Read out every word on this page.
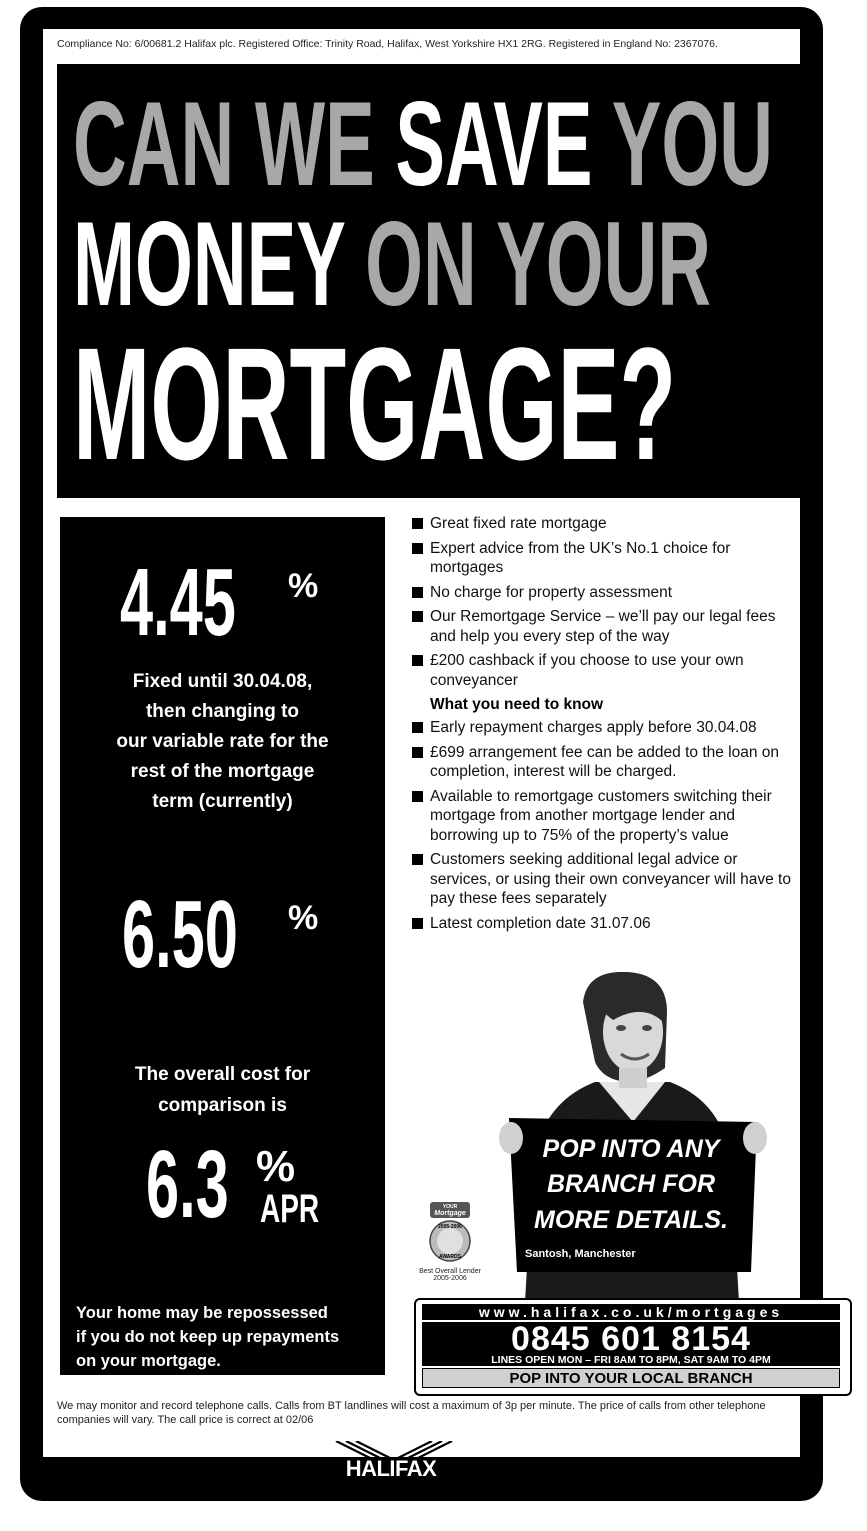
Compliance No: 6/00681.2 Halifax plc. Registered Office: Trinity Road, Halifax, West Yorkshire HX1 2RG. Registered in England No: 2367076.
CAN WE SAVE YOU
MONEY ON YOUR
MORTGAGE?
4.45 %
Fixed until 30.04.08,
then changing to
our variable rate for the
rest of the mortgage
term (currently)
6.50 %
The overall cost for
comparison is
6.3 %
APR
Your home may be repossessed
if you do not keep up repayments
on your mortgage.
Great fixed rate mortgage
Expert advice from the UK’s No.1 choice for mortgages
No charge for property assessment
Our Remortgage Service – we’ll pay our legal fees and help you every step of the way
£200 cashback if you choose to use your own conveyancer
What you need to know
Early repayment charges apply before 30.04.08
£699 arrangement fee can be added to the loan on completion, interest will be charged.
Available to remortgage customers switching their mortgage from another mortgage lender and borrowing up to 75% of the property’s value
Customers seeking additional legal advice or services, or using their own conveyancer will have to pay these fees separately
Latest completion date 31.07.06
POP INTO ANY
BRANCH FOR
MORE DETAILS.
Santosh, Manchester
YOUR
Mortgage
2005-2006
AWARDS
Best Overall Lender 2005-2006
www.halifax.co.uk/mortgages
0845 601 8154
LINES OPEN MON – FRI 8AM TO 8PM, SAT 9AM TO 4PM
POP INTO YOUR LOCAL BRANCH
We may monitor and record telephone calls. Calls from BT landlines will cost a maximum of 3p per minute. The price of calls from other telephone companies will vary. The call price is correct at 02/06
HALIFAX	Always giving you extra
